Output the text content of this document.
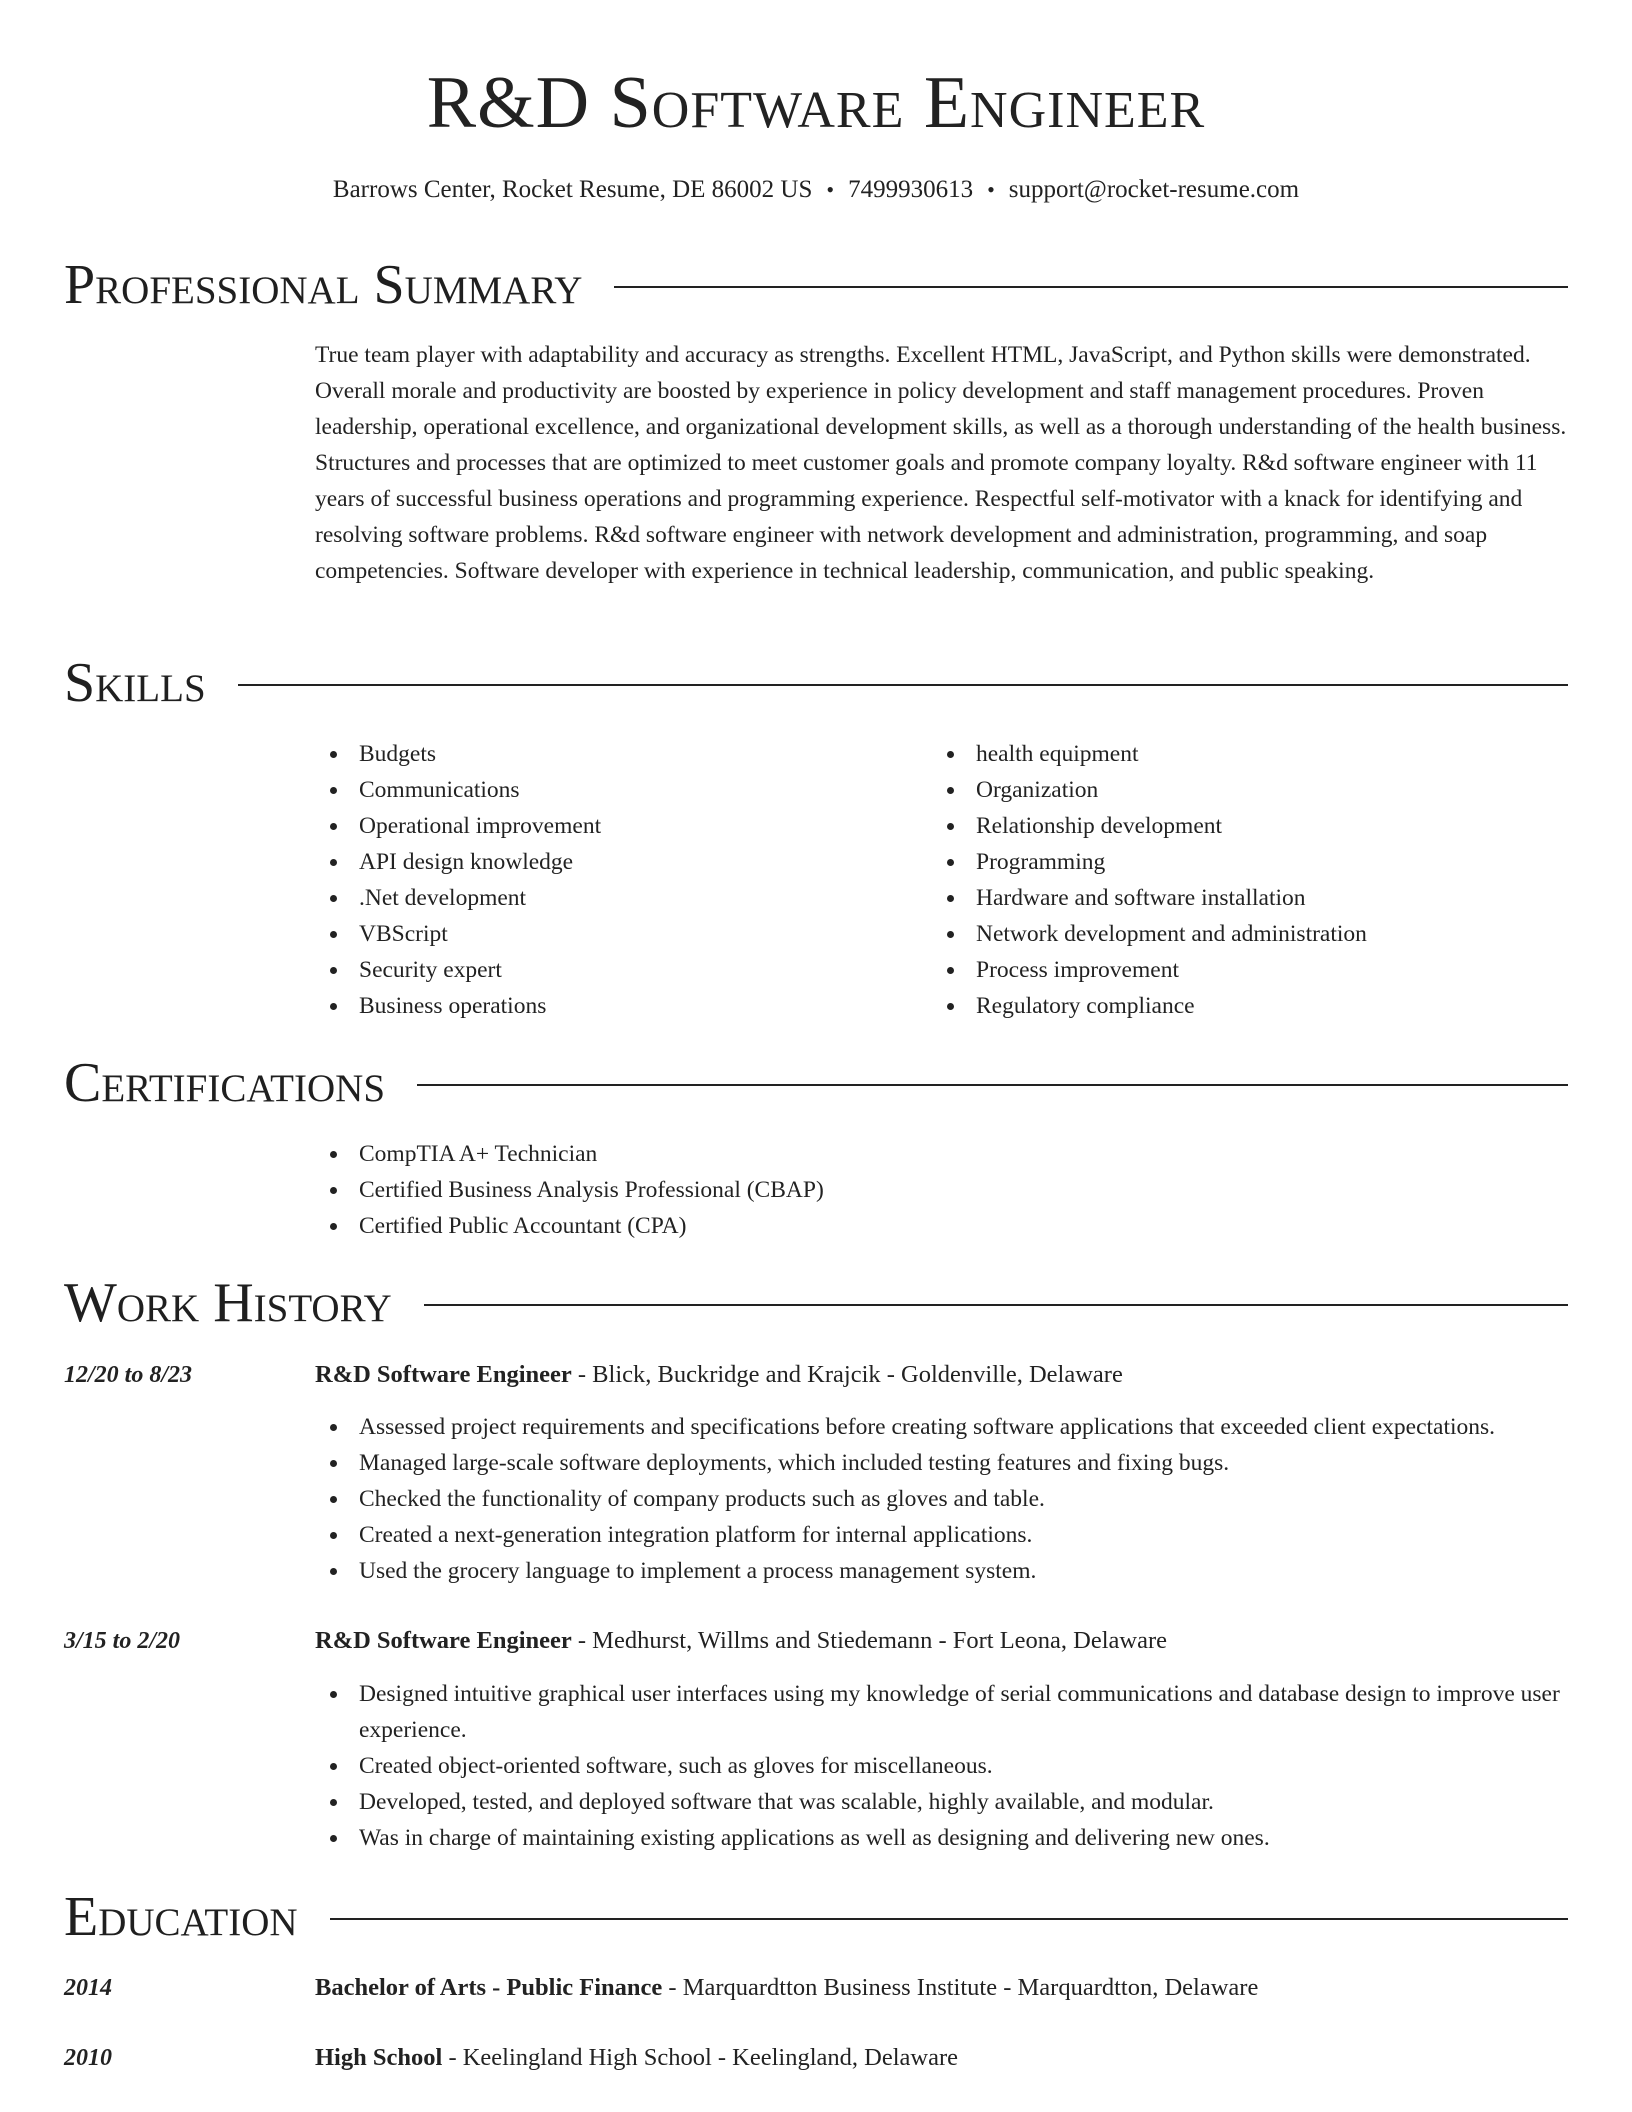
R&D Software Engineer
Barrows Center, Rocket Resume, DE 86002 US • 7499930613 • support@rocket-resume.com
Professional Summary
True team player with adaptability and accuracy as strengths. Excellent HTML, JavaScript, and Python skills were demonstrated. Overall morale and productivity are boosted by experience in policy development and staff management procedures. Proven leadership, operational excellence, and organizational development skills, as well as a thorough understanding of the health business. Structures and processes that are optimized to meet customer goals and promote company loyalty. R&d software engineer with 11 years of successful business operations and programming experience. Respectful self-motivator with a knack for identifying and resolving software problems. R&d software engineer with network development and administration, programming, and soap competencies. Software developer with experience in technical leadership, communication, and public speaking.
Skills
Budgets
Communications
Operational improvement
API design knowledge
.Net development
VBScript
Security expert
Business operations
health equipment
Organization
Relationship development
Programming
Hardware and software installation
Network development and administration
Process improvement
Regulatory compliance
Certifications
CompTIA A+ Technician
Certified Business Analysis Professional (CBAP)
Certified Public Accountant (CPA)
Work History
12/20 to 8/23	R&D Software Engineer - Blick, Buckridge and Krajcik - Goldenville, Delaware
Assessed project requirements and specifications before creating software applications that exceeded client expectations.
Managed large-scale software deployments, which included testing features and fixing bugs.
Checked the functionality of company products such as gloves and table.
Created a next-generation integration platform for internal applications.
Used the grocery language to implement a process management system.
3/15 to 2/20	R&D Software Engineer - Medhurst, Willms and Stiedemann - Fort Leona, Delaware
Designed intuitive graphical user interfaces using my knowledge of serial communications and database design to improve user experience.
Created object-oriented software, such as gloves for miscellaneous.
Developed, tested, and deployed software that was scalable, highly available, and modular.
Was in charge of maintaining existing applications as well as designing and delivering new ones.
Education
2014	Bachelor of Arts - Public Finance - Marquardtton Business Institute - Marquardtton, Delaware
2010	High School - Keelingland High School - Keelingland, Delaware
